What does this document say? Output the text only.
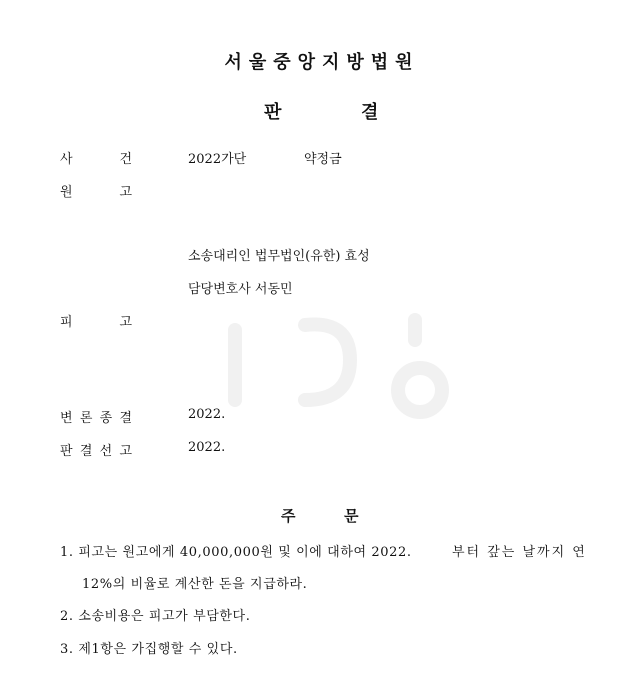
서울중앙지방법원
판	결
사	건	2022가단	약정금
원	고
소송대리인 법무법인(유한) 효성
담당변호사 서동민
피	고
변 론 종 결	2022.
판 결 선 고	2022.
주	문
1. 피고는 원고에게 40,000,000원 및 이에 대하여 2022.	부터 갚는 날까지 연
12%의 비율로 계산한 돈을 지급하라.
2. 소송비용은 피고가 부담한다.
3. 제1항은 가집행할 수 있다.
